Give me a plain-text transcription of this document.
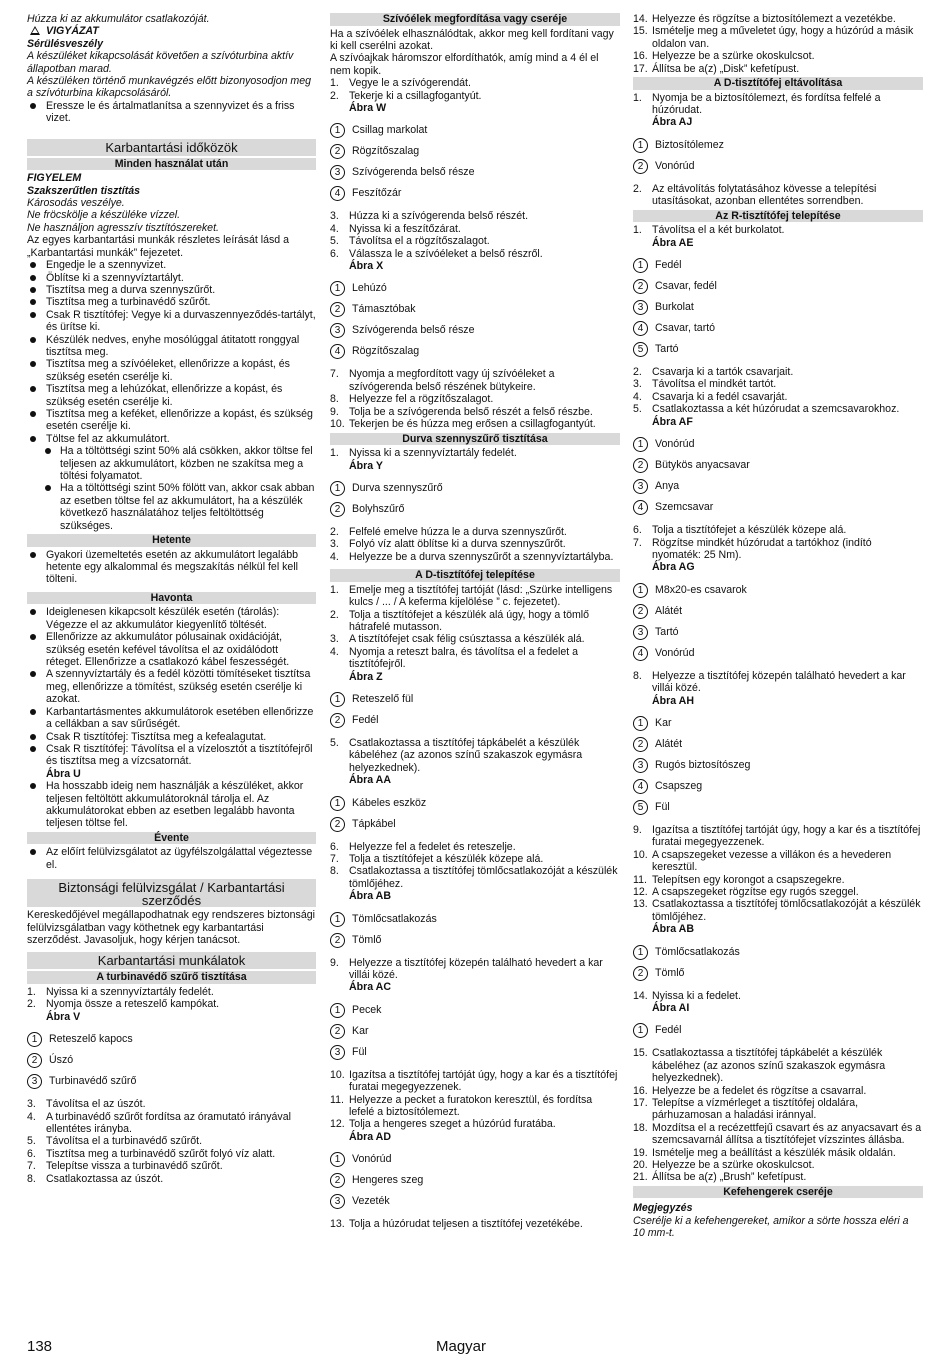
Húzza ki az akkumulátor csatlakozóját.
VIGYÁZAT
Sérülésveszély
A készüléket kikapcsolását követően a szívóturbina aktív állapotban marad.
A készüléken történő munkavégzés előtt bizonyosodjon meg a szívóturbina kikapcsolásáról.
Eressze le és ártalmatlanítsa a szennyvizet és a friss vizet.
Karbantartási időközök
Minden használat után
FIGYELEM
Szakszerűtlen tisztítás
Károsodás veszélye.
Ne fröcskölje a készüléke vízzel.
Ne használjon agresszív tisztítószereket.
Az egyes karbantartási munkák részletes leírását lásd a „Karbantartási munkák” fejezetet.
Engedje le a szennyvizet.
Öblítse ki a szennyvíztartályt.
Tisztítsa meg a durva szennyszűrőt.
Tisztítsa meg a turbinavédő szűrőt.
Csak R tisztítófej: Vegye ki a durvaszennyeződés-tartályt, és ürítse ki.
Készülék nedves, enyhe mosólúggal átitatott ronggyal tisztítsa meg.
Tisztítsa meg a szívóéleket, ellenőrizze a kopást, és szükség esetén cserélje ki.
Tisztítsa meg a lehúzókat, ellenőrizze a kopást, és szükség esetén cserélje ki.
Tisztítsa meg a keféket, ellenőrizze a kopást, és szükség esetén cserélje ki.
Töltse fel az akkumulátort.
Ha a töltöttségi szint 50% alá csökken, akkor töltse fel teljesen az akkumulátort, közben ne szakítsa meg a töltési folyamatot.
Ha a töltöttségi szint 50% fölött van, akkor csak abban az esetben töltse fel az akkumulátort, ha a készülék következő használatához teljes feltöltöttség szükséges.
Hetente
Gyakori üzemeltetés esetén az akkumulátort legalább hetente egy alkalommal és megszakítás nélkül fel kell tölteni.
Havonta
Ideiglenesen kikapcsolt készülék esetén (tárolás): Végezze el az akkumulátor kiegyenlítő töltését.
Ellenőrizze az akkumulátor pólusainak oxidációját, szükség esetén kefével távolítsa el az oxidálódott réteget. Ellenőrizze a csatlakozó kábel feszességét.
A szennyvíztartály és a fedél közötti tömítéseket tisztítsa meg, ellenőrizze a tömítést, szükség esetén cserélje ki azokat.
Karbantartásmentes akkumulátorok esetében ellenőrizze a cellákban a sav sűrűségét.
Csak R tisztítófej: Tisztítsa meg a kefealagutat.
Csak R tisztítófej: Távolítsa el a vízelosztót a tisztítófejről és tisztítsa meg a vízcsatornát.
Ábra U
Ha hosszabb ideig nem használják a készüléket, akkor teljesen feltöltött akkumulátoroknál tárolja el. Az akkumulátorokat ebben az esetben legalább havonta teljesen töltse fel.
Évente
Az előírt felülvizsgálatot az ügyfélszolgálattal végeztesse el.
Biztonsági felülvizsgálat / Karbantartási szerződés
Kereskedőjével megállapodhatnak egy rendszeres biztonsági felülvizsgálatban vagy köthetnek egy karbantartási szerződést. Javasoljuk, hogy kérjen tanácsot.
Karbantartási munkálatok
A turbinavédő szűrő tisztítása
1. Nyissa ki a szennyvíztartály fedelét.
2. Nyomja össze a reteszelő kampókat.
Ábra V
1	Reteszelő kapocs
2	Úszó
3	Turbinavédő szűrő
3. Távolítsa el az úszót.
4. A turbinavédő szűrőt fordítsa az óramutató irányával ellentétes irányba.
5. Távolítsa el a turbinavédő szűrőt.
6. Tisztítsa meg a turbinavédő szűrőt folyó víz alatt.
7. Telepítse vissza a turbinavédő szűrőt.
8. Csatlakoztassa az úszót.
Szívóélek megfordítása vagy cseréje
Ha a szívóélek elhasználódtak, akkor meg kell fordítani vagy ki kell cserélni azokat.
A szívóajkak háromszor elfordíthatók, amíg mind a 4 él el nem kopik.
1. Vegye le a szívógerendát.
2. Tekerje ki a csillagfogantyút.
Ábra W
1	Csillag markolat
2	Rögzítőszalag
3	Szívógerenda belső része
4	Feszítőzár
3. Húzza ki a szívógerenda belső részét.
4. Nyissa ki a feszítőzárat.
5. Távolítsa el a rögzítőszalagot.
6. Válassza le a szívóéleket a belső részről.
Ábra X
1	Lehúzó
2	Támasztóbak
3	Szívógerenda belső része
4	Rögzítőszalag
7. Nyomja a megfordított vagy új szívóéleket a szívógerenda belső részének bütykeire.
8. Helyezze fel a rögzítőszalagot.
9. Tolja be a szívógerenda belső részét a felső részbe.
10. Tekerjen be és húzza meg erősen a csillagfogantyút.
Durva szennyszűrő tisztítása
1. Nyissa ki a szennyvíztartály fedelét.
Ábra Y
1	Durva szennyszűrő
2	Bolyhszűrő
2. Felfelé emelve húzza le a durva szennyszűrőt.
3. Folyó víz alatt öblítse ki a durva szennyszűrőt.
4. Helyezze be a durva szennyszűrőt a szennyvíztartályba.
A D-tisztítófej telepítése
1. Emelje meg a tisztítófej tartóját (lásd: „Szürke intelligens kulcs / ... / A keferma kijelölése ” c. fejezetet).
2. Tolja a tisztítófejet a készülék alá úgy, hogy a tömlő hátrafelé mutasson.
3. A tisztítófejet csak félig csúsztassa a készülék alá.
4. Nyomja a reteszt balra, és távolítsa el a fedelet a tisztítófejről.
Ábra Z
1	Reteszelő fül
2	Fedél
5. Csatlakoztassa a tisztítófej tápkábelét a készülék kábeléhez (az azonos színű szakaszok egymásra helyezkednek).
Ábra AA
1	Kábeles eszköz
2	Tápkábel
6. Helyezze fel a fedelet és reteszelje.
7. Tolja a tisztítófejet a készülék közepe alá.
8. Csatlakoztassa a tisztítófej tömlőcsatlakozóját a készülék tömlőjéhez.
Ábra AB
1	Tömlőcsatlakozás
2	Tömlő
9. Helyezze a tisztítófej közepén található hevedert a kar villái közé.
Ábra AC
1	Pecek
2	Kar
3	Fül
10. Igazítsa a tisztítófej tartóját úgy, hogy a kar és a tisztítófej furatai megegyezzenek.
11. Helyezze a pecket a furatokon keresztül, és fordítsa lefelé a biztosítólemezt.
12. Tolja a hengeres szeget a húzórúd furatába.
Ábra AD
1	Vonórúd
2	Hengeres szeg
3	Vezeték
13. Tolja a húzórudat teljesen a tisztítófej vezetékébe.
14. Helyezze és rögzítse a biztosítólemezt a vezetékbe.
15. Ismételje meg a műveletet úgy, hogy a húzórúd a másik oldalon van.
16. Helyezze be a szürke okoskulcsot.
17. Állítsa be a(z) „Disk” kefetípust.
A D-tisztítófej eltávolítása
1. Nyomja be a biztosítólemezt, és fordítsa felfelé a húzórudat.
Ábra AJ
1	Biztosítólemez
2	Vonórúd
2. Az eltávolítás folytatásához kövesse a telepítési utasításokat, azonban ellentétes sorrendben.
Az R-tisztítófej telepítése
1. Távolítsa el a két burkolatot.
Ábra AE
1	Fedél
2	Csavar, fedél
3	Burkolat
4	Csavar, tartó
5	Tartó
2. Csavarja ki a tartók csavarjait.
3. Távolítsa el mindkét tartót.
4. Csavarja ki a fedél csavarját.
5. Csatlakoztassa a két húzórudat a szemcsavarokhoz.
Ábra AF
1	Vonórúd
2	Bütykös anyacsavar
3	Anya
4	Szemcsavar
6. Tolja a tisztítófejet a készülék közepe alá.
7. Rögzítse mindkét húzórudat a tartókhoz (indító nyomaték: 25 Nm).
Ábra AG
1	M8x20-es csavarok
2	Alátét
3	Tartó
4	Vonórúd
8. Helyezze a tisztítófej közepén található hevedert a kar villái közé.
Ábra AH
1	Kar
2	Alátét
3	Rugós biztosítószeg
4	Csapszeg
5	Fül
9. Igazítsa a tisztítófej tartóját úgy, hogy a kar és a tisztítófej furatai megegyezzenek.
10. A csapszegeket vezesse a villákon és a hevederen keresztül.
11. Telepítsen egy korongot a csapszegekre.
12. A csapszegeket rögzítse egy rugós szeggel.
13. Csatlakoztassa a tisztítófej tömlőcsatlakozóját a készülék tömlőjéhez.
Ábra AB
1	Tömlőcsatlakozás
2	Tömlő
14. Nyissa ki a fedelet.
Ábra AI
1	Fedél
15. Csatlakoztassa a tisztítófej tápkábelét a készülék kábeléhez (az azonos színű szakaszok egymásra helyezkednek).
16. Helyezze be a fedelet és rögzítse a csavarral.
17. Telepítse a vízmérleget a tisztítófej oldalára, párhuzamosan a haladási iránnyal.
18. Mozdítsa el a recézettfejű csavart és az anyacsavart és a szemcsavarnál állítsa a tisztítófejet vízszintes állásba.
19. Ismételje meg a beállítást a készülék másik oldalán.
20. Helyezze be a szürke okoskulcsot.
21. Állítsa be a(z) „Brush” kefetípust.
Kefehengerek cseréje
Megjegyzés
Cserélje ki a kefehengereket, amikor a sörte hossza eléri a 10 mm-t.
138	Magyar
